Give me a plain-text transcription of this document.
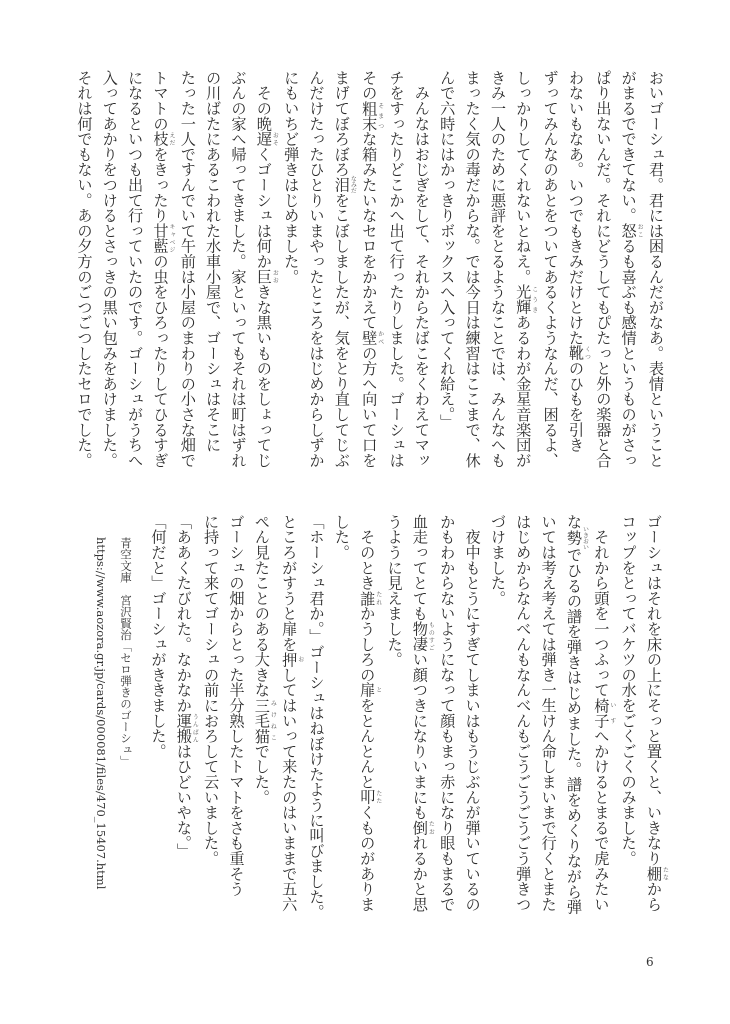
おいゴーシュ君。君には困るんだがなあ。表情ということ
がまるでできてない。怒おこるも喜ぶも感情というものがさっ
ぱり出ないんだ。それにどうしてもぴたっと外の楽器と合
わないもなあ。いつでもきみだけとけた靴くつのひもを引き
ずってみんなのあとをついてあるくようなんだ、困るよ、
しっかりしてくれないとねえ。光輝こうきあるわが金星音楽団が
きみ一人のために悪評をとるようなことでは、みんなへも
まったく気の毒だからな。では今日は練習はここまで、休
んで六時にはかっきりボックスへ入ってくれ給え。」
　みんなはおじぎをして、それからたばこをくわえてマッ
チをすったりどこかへ出て行ったりしました。ゴーシュは
その粗末そまつな箱みたいなセロをかかえて壁かべの方へ向いて口を
まげてぼろぼろ泪なみだをこぼしましたが、気をとり直してじぶ
んだけたったひとりいまやったところをはじめからしずか
にもいちど弾きはじめました。
　その晩遅おそくゴーシュは何か巨おおきな黒いものをしょってじ
ぶんの家へ帰ってきました。家といってもそれは町はずれ
の川ばたにあるこわれた水車小屋で、ゴーシュはそこに
たった一人ですんでいて午前は小屋のまわりの小さな畑で
トマトの枝えだをきったり甘藍キャベジの虫をひろったりしてひるすぎ
になるといつも出て行っていたのです。ゴーシュがうちへ
入ってあかりをつけるとさっきの黒い包みをあけました。
それは何でもない。あの夕方のごつごつしたセロでした。
ゴーシュはそれを床の上にそっと置くと、いきなり棚たなから
コップをとってバケツの水をごくごくのみました。
　それから頭を一つふって椅子いすへかけるとまるで虎みたい
な勢いきおいでひるの譜を弾きはじめました。譜をめくりながら弾
いては考え考えては弾き一生けん命しまいまで行くとまた
はじめからなんべんもなんべんもごうごうごうごう弾きつ
づけました。
　夜中もとうにすぎてしまいはもうじぶんが弾いているの
かもわからないようになって顔もまっ赤になり眼もまるで
血走ってとても物凄ものすごい顔つきになりいまにも倒たおれるかと思
うように見えました。
　そのとき誰たれかうしろの扉とをとんとんと叩たたくものがありま
した。
「ホーシュ君か。」ゴーシュはねぼけたように叫びました。
ところがすうと扉を押おしてはいって来たのはいままで五六
ぺん見たことのある大きな三毛猫みけねこでした。
ゴーシュの畑からとった半分熟したトマトをさも重そう
に持って来てゴーシュの前におろして云いました。
「ああくたびれた。なかなか運搬うんぱんはひどいやな。」
「何だと」ゴーシュがききました。
青空文庫　宮沢賢治「セロ弾きのゴーシュ」
https://www.aozora.gr.jp/cards/000081/files/470_15407.html
6
